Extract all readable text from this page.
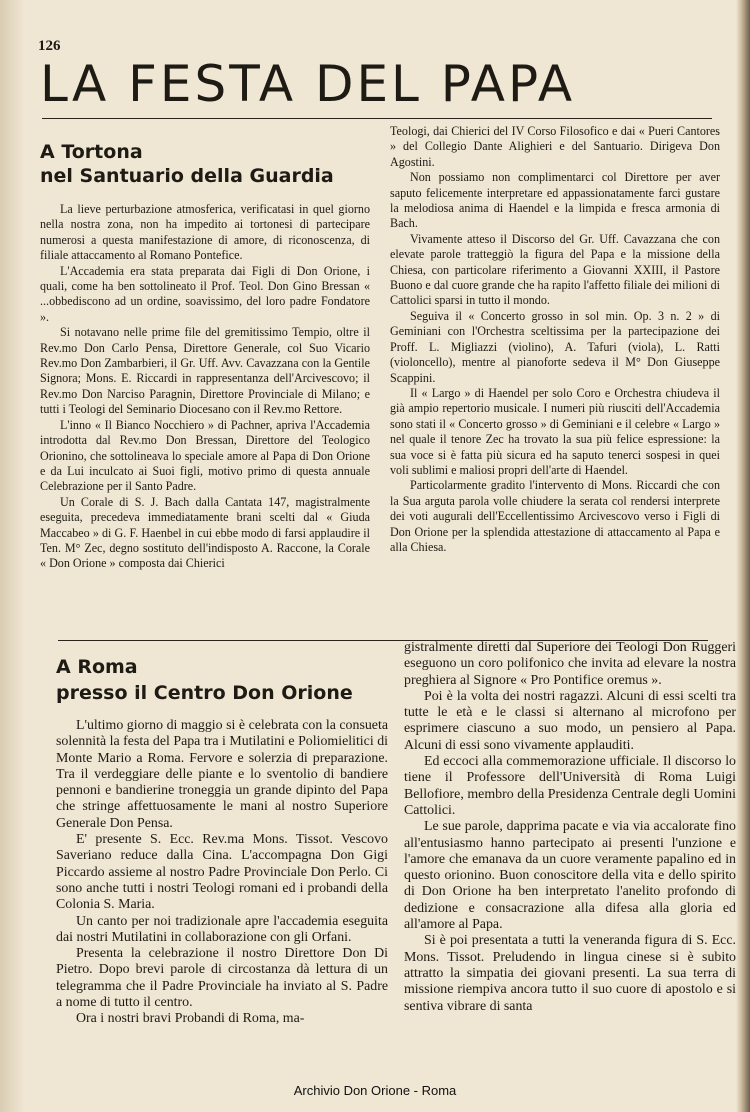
126
LA FESTA DEL PAPA
A Tortona
nel Santuario della Guardia

La lieve perturbazione atmosferica, verificatasi in quel giorno nella nostra zona, non ha impedito ai tortonesi di partecipare numerosi a questa manifestazione di amore, di riconoscenza, di filiale attaccamento al Romano Pontefice.

L'Accademia era stata preparata dai Figli di Don Orione, i quali, come ha ben sottolineato il Prof. Teol. Don Gino Bressan « ...obbediscono ad un ordine, soavissimo, del loro padre Fondatore ».

Si notavano nelle prime file del gremitissimo Tempio, oltre il Rev.mo Don Carlo Pensa, Direttore Generale, col Suo Vicario Rev.mo Don Zambarbieri, il Gr. Uff. Avv. Cavazzana con la Gentile Signora; Mons. E. Riccardi in rappresentanza dell'Arcivescovo; il Rev.mo Don Narciso Paragnin, Direttore Provinciale di Milano; e tutti i Teologi del Seminario Diocesano con il Rev.mo Rettore.

L'inno « Il Bianco Nocchiero » di Pachner, apriva l'Accademia introdotta dal Rev.mo Don Bressan, Direttore del Teologico Orionino, che sottolineava lo speciale amore al Papa di Don Orione e da Lui inculcato ai Suoi figli, motivo primo di questa annuale Celebrazione per il Santo Padre.

Un Corale di S. J. Bach dalla Cantata 147, magistralmente eseguita, precedeva immediatamente brani scelti dal « Giuda Maccabeo » di G. F. Haenbel in cui ebbe modo di farsi applaudire il Ten. M° Zec, degno sostituto dell'indisposto A. Raccone, la Corale « Don Orione » composta dai Chierici

Teologi, dai Chierici del IV Corso Filosofico e dai « Pueri Cantores » del Collegio Dante Alighieri e del Santuario. Dirigeva Don Agostini.

Non possiamo non complimentarci col Direttore per aver saputo felicemente interpretare ed appassionatamente farci gustare la melodiosa anima di Haendel e la limpida e fresca armonia di Bach.

Vivamente atteso il Discorso del Gr. Uff. Cavazzana che con elevate parole tratteggiò la figura del Papa e la missione della Chiesa, con particolare riferimento a Giovanni XXIII, il Pastore Buono e dal cuore grande che ha rapito l'affetto filiale dei milioni di Cattolici sparsi in tutto il mondo.

Seguiva il « Concerto grosso in sol min. Op. 3 n. 2 » di Geminiani con l'Orchestra sceltissima per la partecipazione dei Proff. L. Migliazzi (violino), A. Tafuri (viola), L. Ratti (violoncello), mentre al pianoforte sedeva il M° Don Giuseppe Scappini.

Il « Largo » di Haendel per solo Coro e Orchestra chiudeva il già ampio repertorio musicale. I numeri più riusciti dell'Accademia sono stati il « Concerto grosso » di Geminiani e il celebre « Largo » nel quale il tenore Zec ha trovato la sua più felice espressione: la sua voce si è fatta più sicura ed ha saputo tenerci sospesi in quei voli sublimi e maliosi propri dell'arte di Haendel.

Particolarmente gradito l'intervento di Mons. Riccardi che con la Sua arguta parola volle chiudere la serata col rendersi interprete dei voti augurali dell'Eccellentissimo Arcivescovo verso i Figli di Don Orione per la splendida attestazione di attaccamento al Papa e alla Chiesa.

A Roma
presso il Centro Don Orione

L'ultimo giorno di maggio si è celebrata con la consueta solennità la festa del Papa tra i Mutilatini e Poliomielitici di Monte Mario a Roma. Fervore e solerzia di preparazione. Tra il verdeggiare delle piante e lo sventolio di bandiere pennoni e bandierine troneggia un grande dipinto del Papa che stringe affettuosamente le mani al nostro Superiore Generale Don Pensa.

E' presente S. Ecc. Rev.ma Mons. Tissot. Vescovo Saveriano reduce dalla Cina. L'accompagna Don Gigi Piccardo assieme al nostro Padre Provinciale Don Perlo. Ci sono anche tutti i nostri Teologi romani ed i probandi della Colonia S. Maria.

Un canto per noi tradizionale apre l'accademia eseguita dai nostri Mutilatini in collaborazione con gli Orfani.

Presenta la celebrazione il nostro Direttore Don Di Pietro. Dopo brevi parole di circostanza dà lettura di un telegramma che il Padre Provinciale ha inviato al S. Padre a nome di tutto il centro.

Ora i nostri bravi Probandi di Roma, ma-

gistralmente diretti dal Superiore dei Teologi Don Ruggeri eseguono un coro polifonico che invita ad elevare la nostra preghiera al Signore « Pro Pontifice oremus ».

Poi è la volta dei nostri ragazzi. Alcuni di essi scelti tra tutte le età e le classi si alternano al microfono per esprimere ciascuno a suo modo, un pensiero al Papa. Alcuni di essi sono vivamente applauditi.

Ed eccoci alla commemorazione ufficiale. Il discorso lo tiene il Professore dell'Università di Roma Luigi Bellofiore, membro della Presidenza Centrale degli Uomini Cattolici.

Le sue parole, dapprima pacate e via via accalorate fino all'entusiasmo hanno partecipato ai presenti l'unzione e l'amore che emanava da un cuore veramente papalino ed in questo orionino. Buon conoscitore della vita e dello spirito di Don Orione ha ben interpretato l'anelito profondo di dedizione e consacrazione alla difesa alla gloria ed all'amore al Papa.

Si è poi presentata a tutti la veneranda figura di S. Ecc. Mons. Tissot. Preludendo in lingua cinese si è subito attratto la simpatia dei giovani presenti. La sua terra di missione riempiva ancora tutto il suo cuore di apostolo e si sentiva vibrare di santa

Archivio Don Orione - Roma
